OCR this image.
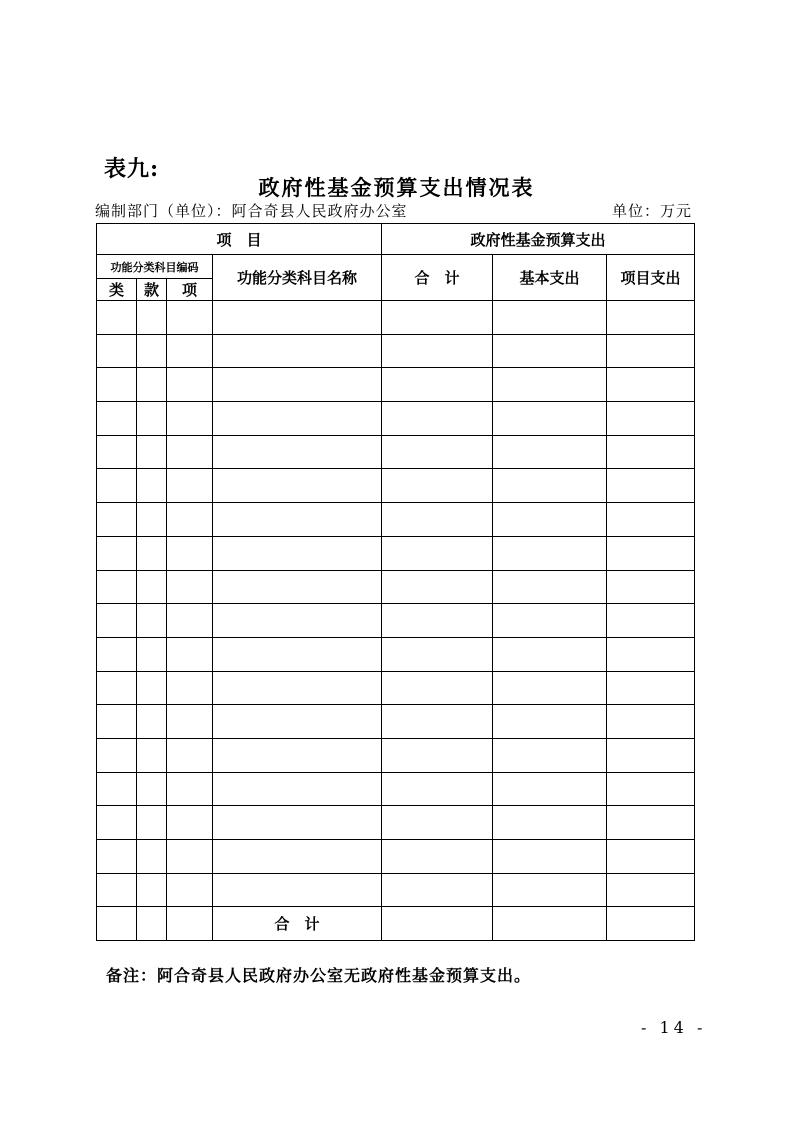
表九:
政府性基金预算支出情况表
编制部门（单位）：阿合奇县人民政府办公室	单位：万元
项　目				政府性基金预算支出		
功能分类科目编码			功能分类科目名称	合　计	基本支出	项目支出
类	款	项				

			合　计			
备注：阿合奇县人民政府办公室无政府性基金预算支出。
- 14 -
